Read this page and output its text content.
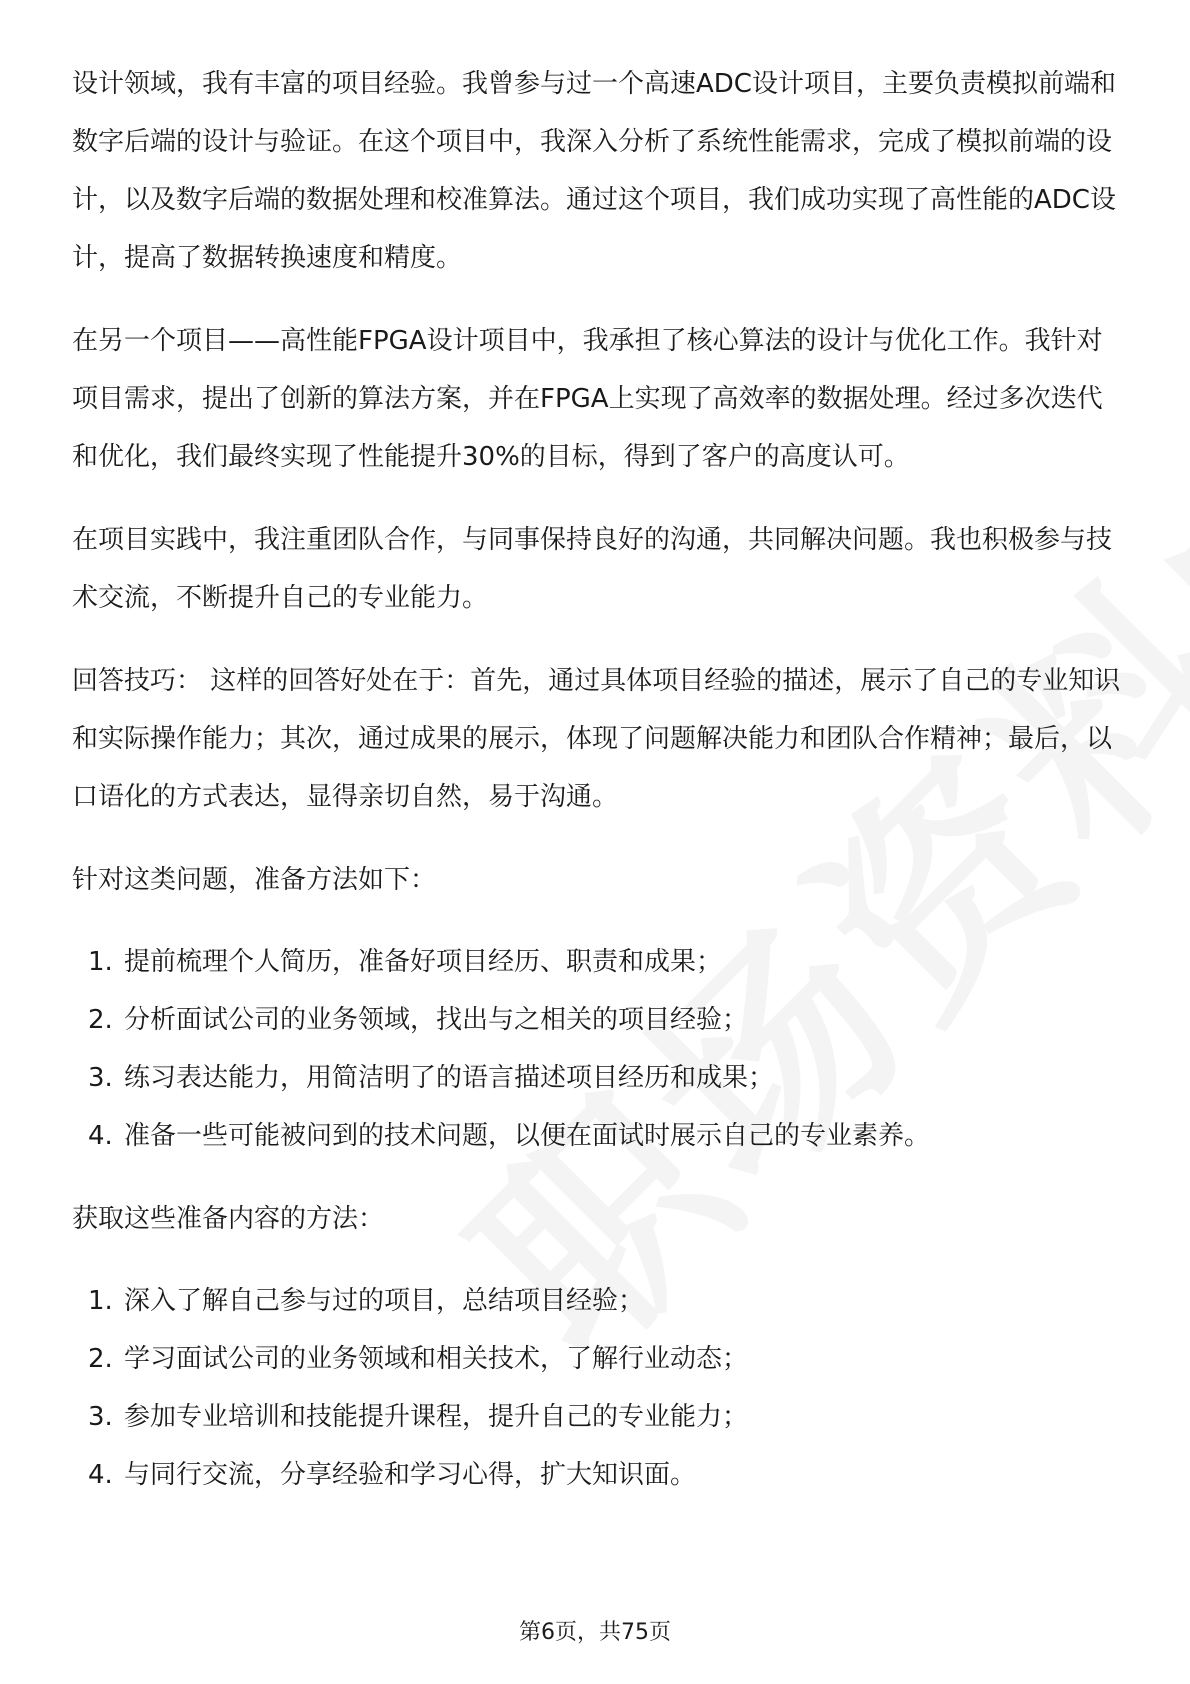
设计领域，我有丰富的项目经验。我曾参与过一个高速ADC设计项目，主要负责模拟前端和数字后端的设计与验证。在这个项目中，我深入分析了系统性能需求，完成了模拟前端的设计，以及数字后端的数据处理和校准算法。通过这个项目，我们成功实现了高性能的ADC设计，提高了数据转换速度和精度。

在另一个项目——高性能FPGA设计项目中，我承担了核心算法的设计与优化工作。我针对项目需求，提出了创新的算法方案，并在FPGA上实现了高效率的数据处理。经过多次迭代和优化，我们最终实现了性能提升30%的目标，得到了客户的高度认可。

在项目实践中，我注重团队合作，与同事保持良好的沟通，共同解决问题。我也积极参与技术交流，不断提升自己的专业能力。

回答技巧： 这样的回答好处在于：首先，通过具体项目经验的描述，展示了自己的专业知识和实际操作能力；其次，通过成果的展示，体现了问题解决能力和团队合作精神；最后，以口语化的方式表达，显得亲切自然，易于沟通。

针对这类问题，准备方法如下：

1. 提前梳理个人简历，准备好项目经历、职责和成果；
2. 分析面试公司的业务领域，找出与之相关的项目经验；
3. 练习表达能力，用简洁明了的语言描述项目经历和成果；
4. 准备一些可能被问到的技术问题，以便在面试时展示自己的专业素养。

获取这些准备内容的方法：

1. 深入了解自己参与过的项目，总结项目经验；
2. 学习面试公司的业务领域和相关技术，了解行业动态；
3. 参加专业培训和技能提升课程，提升自己的专业能力；
4. 与同行交流，分享经验和学习心得，扩大知识面。
第6页，共75页
